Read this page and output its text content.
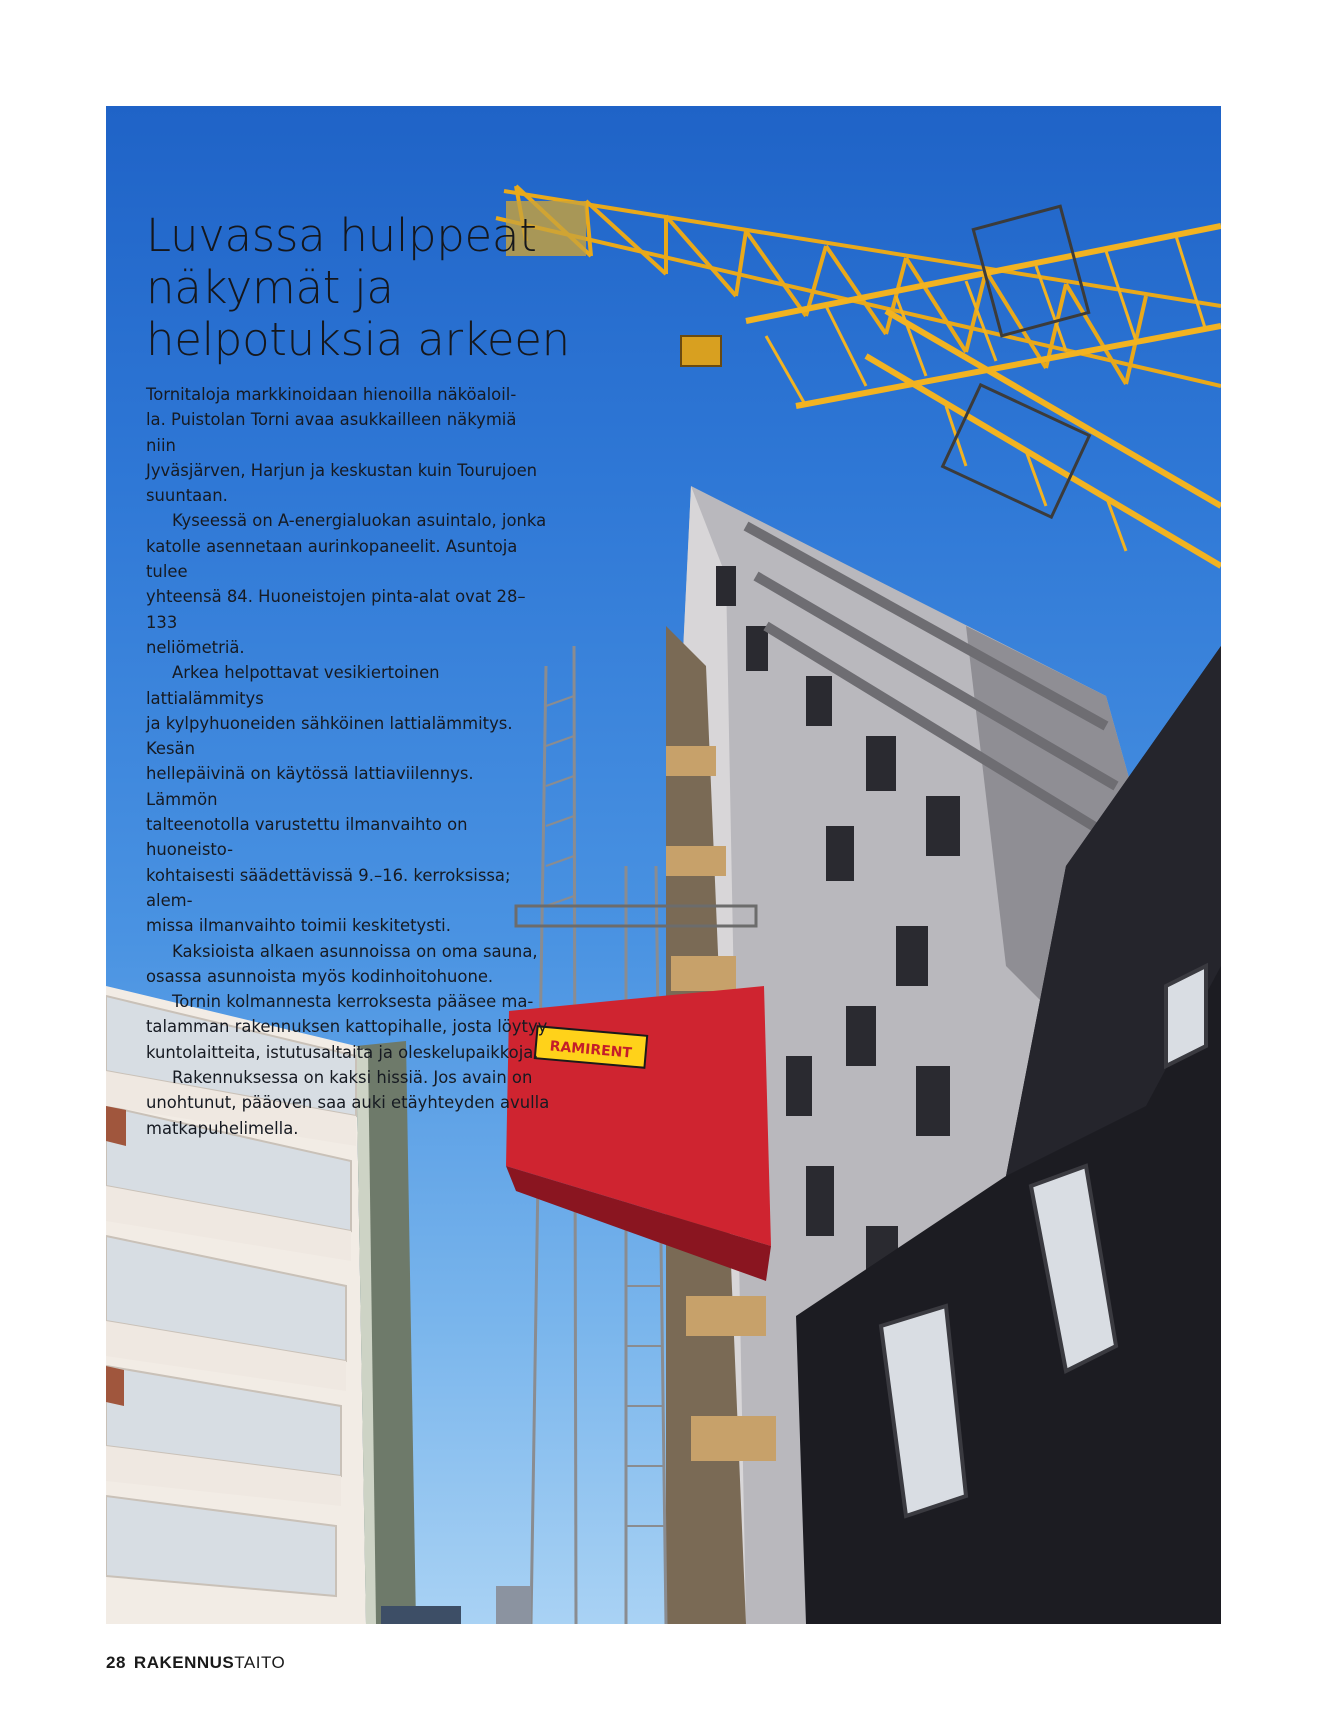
RAMIRENT
Luvassa hulppeat
näkymät ja
helpotuksia arkeen

Tornitaloja markkinoidaan hienoilla näköaloil-

la. Puistolan Torni avaa asukkailleen näkymiä niin

Jyväsjärven, Harjun ja keskustan kuin Tourujoen

suuntaan.

Kyseessä on A-energialuokan asuintalo, jonka

katolle asennetaan aurinkopaneelit. Asuntoja tulee

yhteensä 84. Huoneistojen pinta-alat ovat 28–133

neliömetriä.

Arkea helpottavat vesikiertoinen lattialämmitys

ja kylpyhuoneiden sähköinen lattialämmitys. Kesän

hellepäivinä on käytössä lattiaviilennys. Lämmön

talteenotolla varustettu ilmanvaihto on huoneisto-

kohtaisesti säädettävissä 9.–16. kerroksissa; alem-

missa ilmanvaihto toimii keskitetysti.

Kaksioista alkaen asunnoissa on oma sauna,

osassa asunnoista myös kodinhoitohuone.

Tornin kolmannesta kerroksesta pääsee ma-

talamman rakennuksen kattopihalle, josta löytyy

kuntolaitteita, istutusaltaita ja oleskelupaikkoja.

Rakennuksessa on kaksi hissiä. Jos avain on

unohtunut, pääoven saa auki etäyhteyden avulla

matkapuhelimella.

28 RAKENNUSTAITO
